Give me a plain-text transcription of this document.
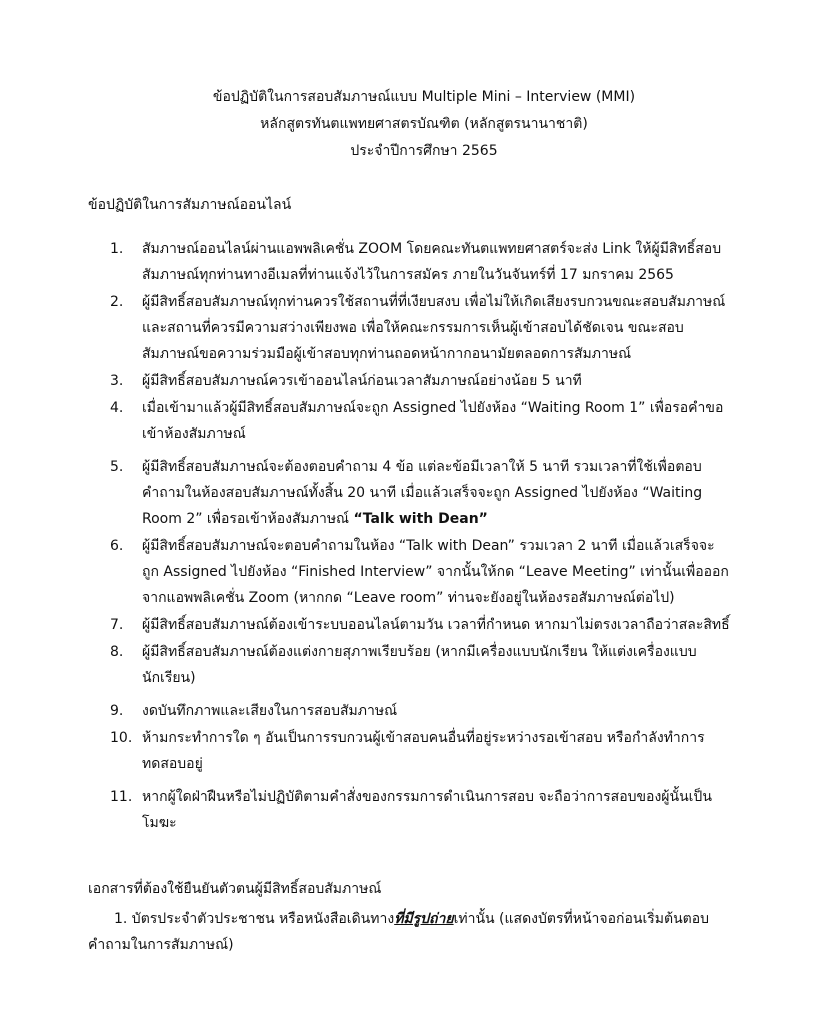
ข้อปฏิบัติในการสอบสัมภาษณ์แบบ Multiple Mini – Interview (MMI)
หลักสูตรทันตแพทยศาสตรบัณฑิต (หลักสูตรนานาชาติ)
ประจำปีการศึกษา 2565
ข้อปฏิบัติในการสัมภาษณ์ออนไลน์
1.	สัมภาษณ์ออนไลน์ผ่านแอพพลิเคชั่น ZOOM โดยคณะทันตแพทยศาสตร์จะส่ง Link ให้ผู้มีสิทธิ์สอบ
สัมภาษณ์ทุกท่านทางอีเมลที่ท่านแจ้งไว้ในการสมัคร ภายในวันจันทร์ที่ 17 มกราคม 2565
2.	ผู้มีสิทธิ์สอบสัมภาษณ์ทุกท่านควรใช้สถานที่ที่เงียบสงบ เพื่อไม่ให้เกิดเสียงรบกวนขณะสอบสัมภาษณ์
และสถานที่ควรมีความสว่างเพียงพอ เพื่อให้คณะกรรมการเห็นผู้เข้าสอบได้ชัดเจน ขณะสอบ
สัมภาษณ์ขอความร่วมมือผู้เข้าสอบทุกท่านถอดหน้ากากอนามัยตลอดการสัมภาษณ์
3.	ผู้มีสิทธิ์สอบสัมภาษณ์ควรเข้าออนไลน์ก่อนเวลาสัมภาษณ์อย่างน้อย 5 นาที
4.	เมื่อเข้ามาแล้วผู้มีสิทธิ์สอบสัมภาษณ์จะถูก Assigned ไปยังห้อง “Waiting Room 1” เพื่อรอคำขอ
เข้าห้องสัมภาษณ์
5.	ผู้มีสิทธิ์สอบสัมภาษณ์จะต้องตอบคำถาม 4 ข้อ แต่ละข้อมีเวลาให้ 5 นาที รวมเวลาที่ใช้เพื่อตอบ
คำถามในห้องสอบสัมภาษณ์ทั้งสิ้น 20 นาที เมื่อแล้วเสร็จจะถูก Assigned ไปยังห้อง “Waiting
Room 2” เพื่อรอเข้าห้องสัมภาษณ์ “Talk with Dean”
6.	ผู้มีสิทธิ์สอบสัมภาษณ์จะตอบคำถามในห้อง “Talk with Dean” รวมเวลา 2 นาที เมื่อแล้วเสร็จจะ
ถูก Assigned ไปยังห้อง “Finished Interview” จากนั้นให้กด “Leave Meeting” เท่านั้นเพื่อออก
จากแอพพลิเคชั่น Zoom (หากกด “Leave room” ท่านจะยังอยู่ในห้องรอสัมภาษณ์ต่อไป)
7.	ผู้มีสิทธิ์สอบสัมภาษณ์ต้องเข้าระบบออนไลน์ตามวัน เวลาที่กำหนด หากมาไม่ตรงเวลาถือว่าสละสิทธิ์
8.	ผู้มีสิทธิ์สอบสัมภาษณ์ต้องแต่งกายสุภาพเรียบร้อย (หากมีเครื่องแบบนักเรียน ให้แต่งเครื่องแบบ
นักเรียน)
9.	งดบันทึกภาพและเสียงในการสอบสัมภาษณ์
10. ห้ามกระทำการใด ๆ อันเป็นการรบกวนผู้เข้าสอบคนอื่นที่อยู่ระหว่างรอเข้าสอบ หรือกำลังทำการ
ทดสอบอยู่
11. หากผู้ใดฝ่าฝืนหรือไม่ปฏิบัติตามคำสั่งของกรรมการดำเนินการสอบ จะถือว่าการสอบของผู้นั้นเป็น
โมฆะ
เอกสารที่ต้องใช้ยืนยันตัวตนผู้มีสิทธิ์สอบสัมภาษณ์
1. บัตรประจำตัวประชาชน หรือหนังสือเดินทางที่มีรูปถ่ายเท่านั้น (แสดงบัตรที่หน้าจอก่อนเริ่มต้นตอบ
คำถามในการสัมภาษณ์)
